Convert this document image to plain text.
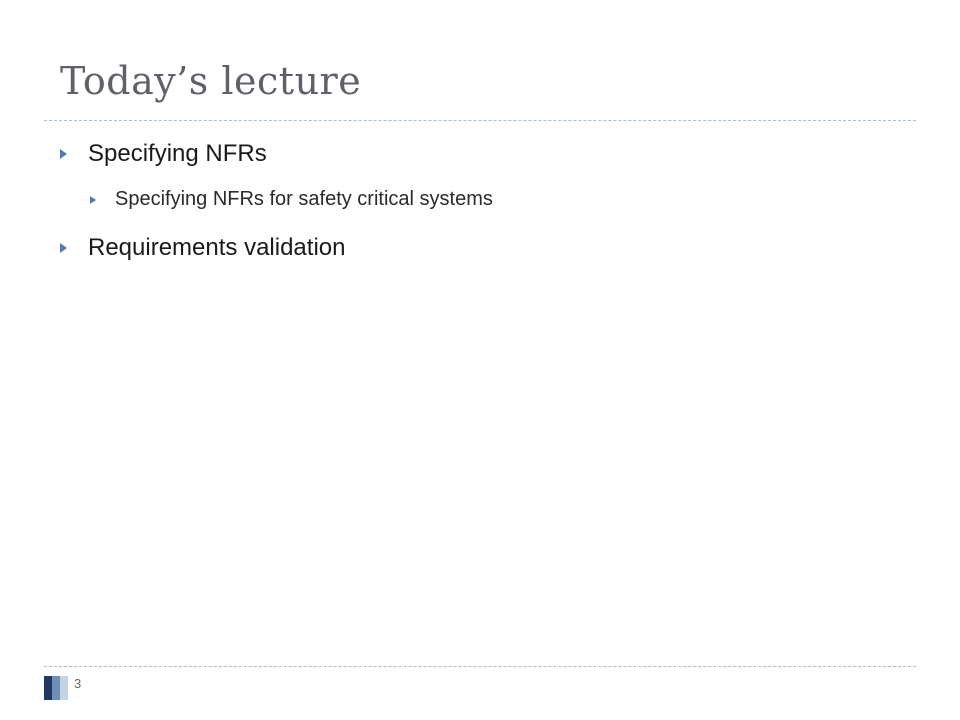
Today’s lecture
Specifying NFRs
Specifying NFRs for safety critical systems
Requirements validation
3
